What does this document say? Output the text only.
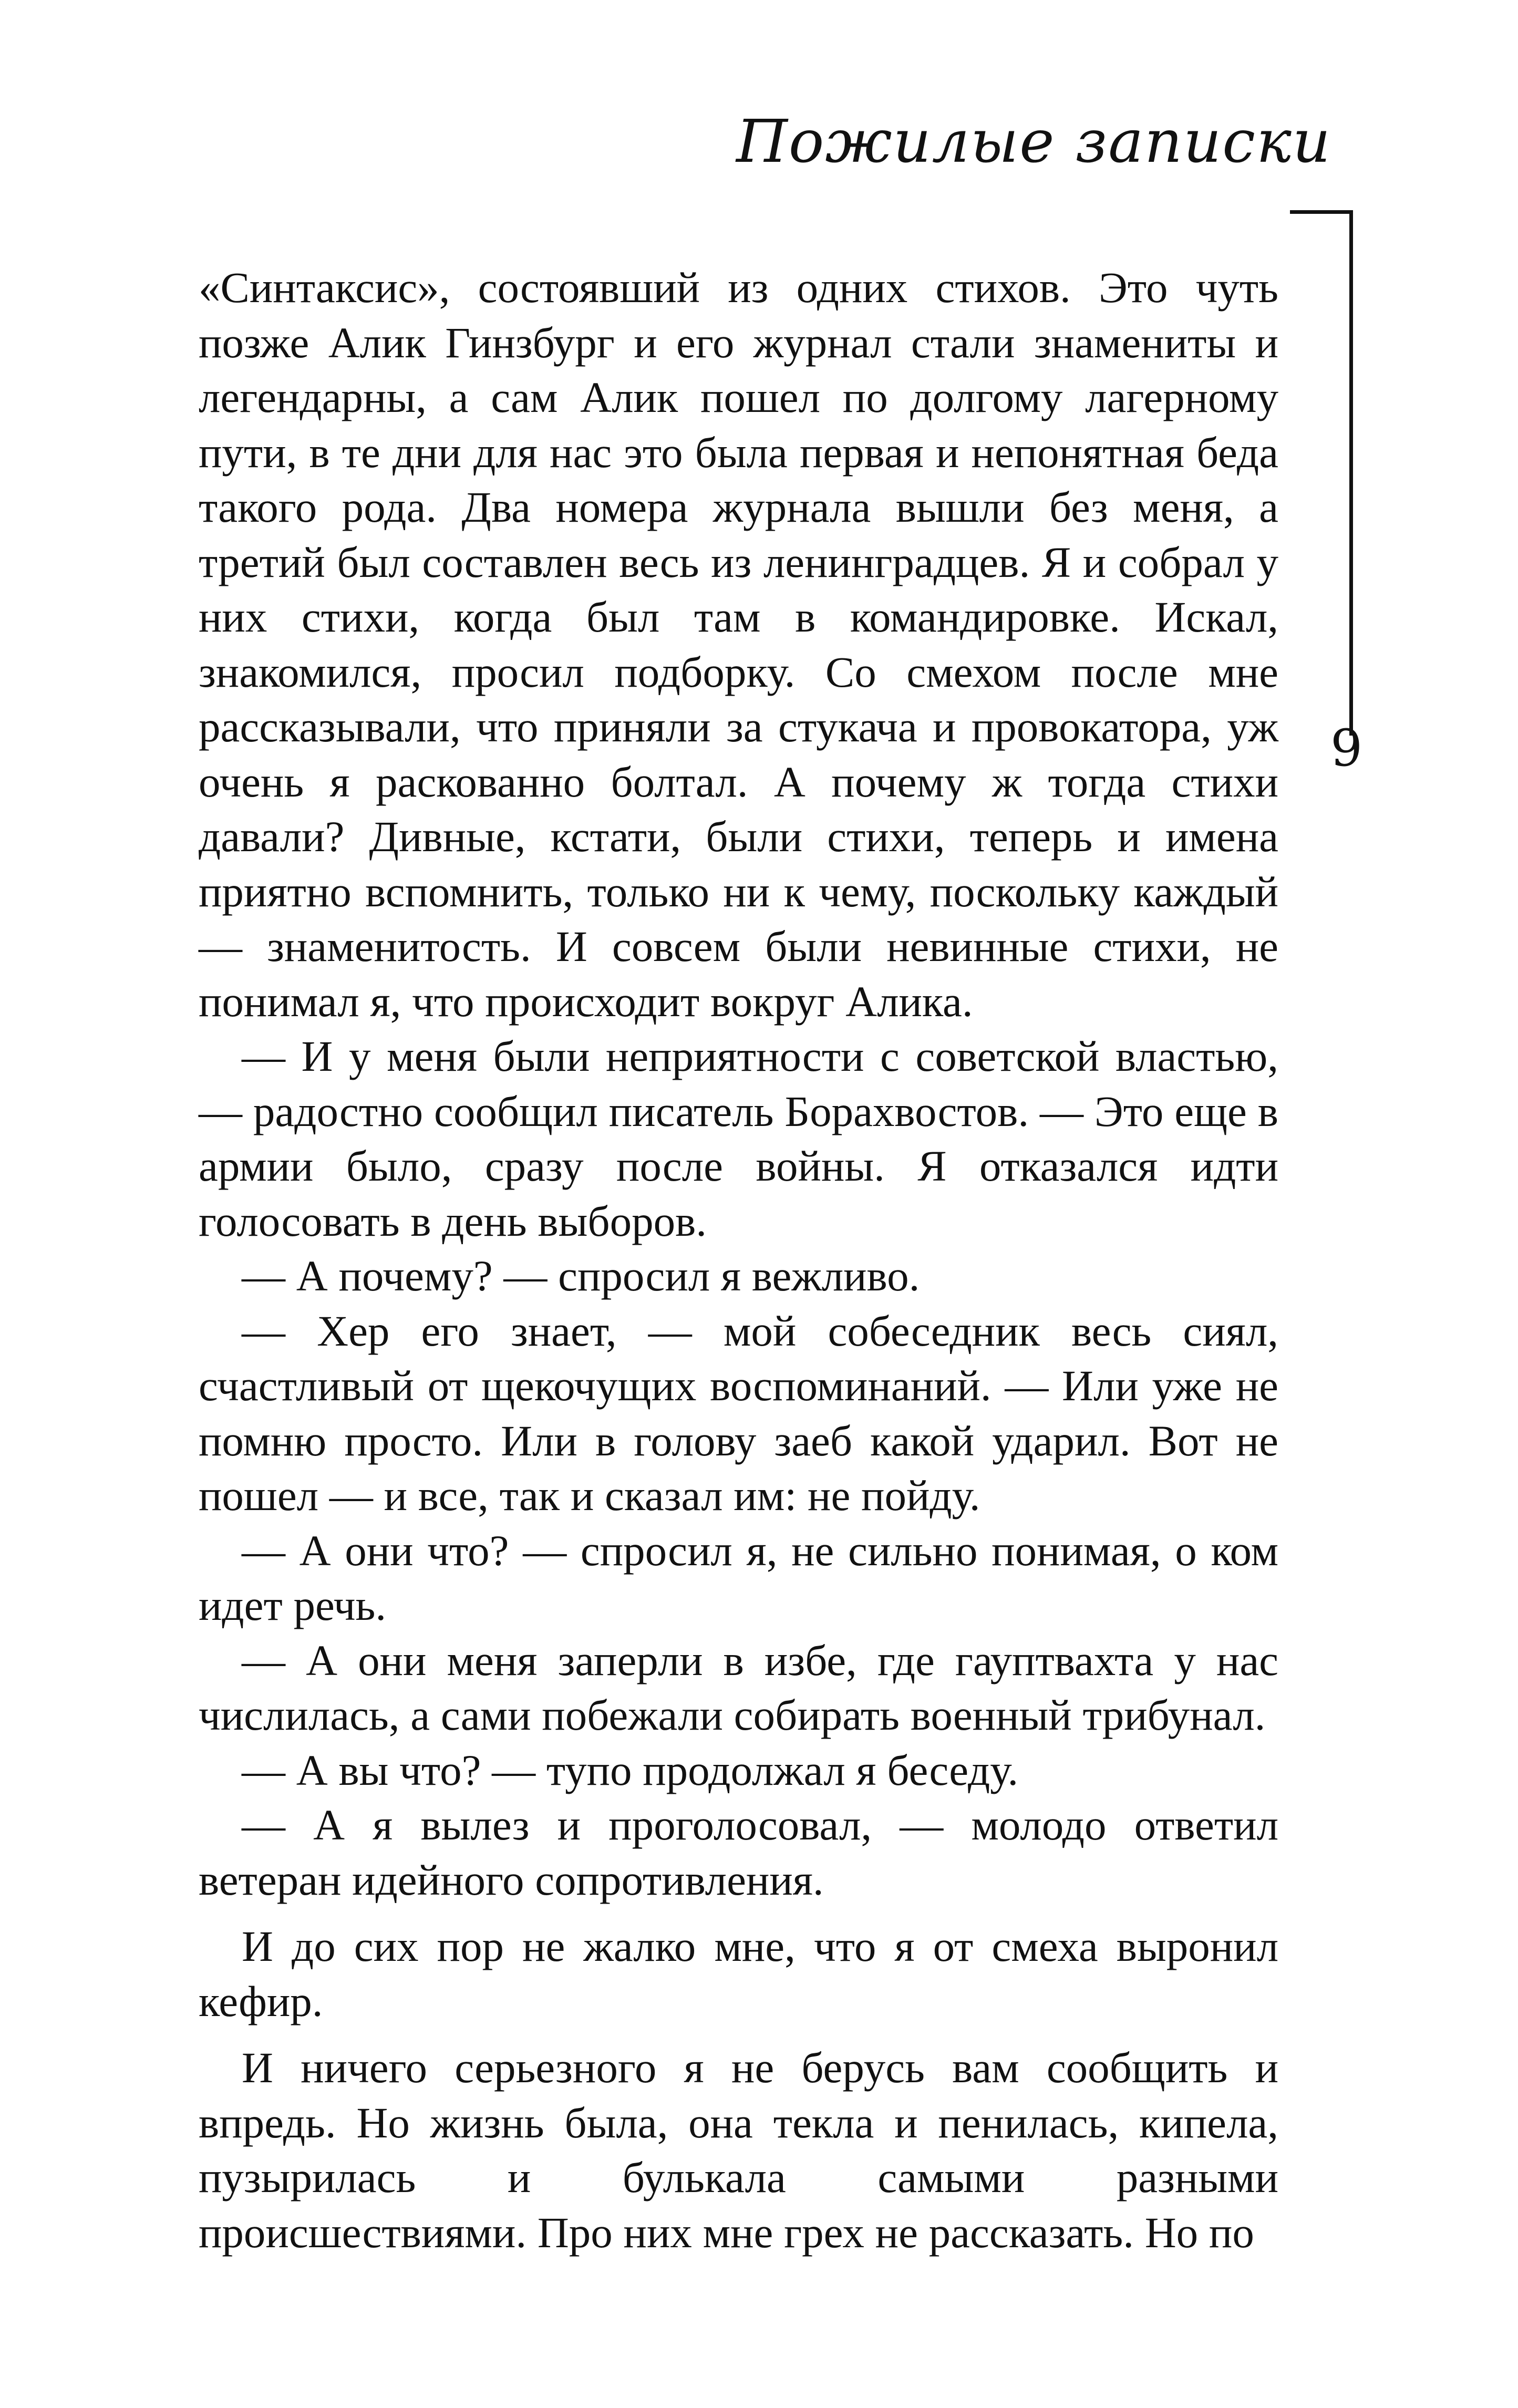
Пожилые записки
9

«Синтаксис», состоявший из одних стихов. Это чуть позже Алик Гинзбург и его журнал стали знамениты и легендарны, а сам Алик пошел по долгому лагерному пути, в те дни для нас это была первая и непонятная беда такого рода. Два номера журнала вышли без меня, а третий был составлен весь из ленинградцев. Я и собрал у них стихи, когда был там в командировке. Искал, знакомился, просил подборку. Со смехом после мне рассказывали, что приняли за стукача и провокатора, уж очень я раскованно болтал. А почему ж тогда стихи давали? Дивные, кстати, были стихи, теперь и имена приятно вспомнить, только ни к чему, поскольку каждый — знаменитость. И совсем были невинные стихи, не понимал я, что происходит вокруг Алика.

— И у меня были неприятности с советской властью, — радостно сообщил писатель Борахвостов. — Это еще в армии было, сразу после войны. Я отказался идти голосовать в день выборов.

— А почему? — спросил я вежливо.

— Хер его знает, — мой собеседник весь сиял, счастливый от щекочущих воспоминаний. — Или уже не помню просто. Или в голову заеб какой ударил. Вот не пошел — и все, так и сказал им: не пойду.

— А они что? — спросил я, не сильно понимая, о ком идет речь.

— А они меня заперли в избе, где гауптвахта у нас числилась, а сами побежали собирать военный трибунал.

— А вы что? — тупо продолжал я беседу.

— А я вылез и проголосовал, — молодо ответил ветеран идейного сопротивления.

И до сих пор не жалко мне, что я от смеха выронил кефир.

И ничего серьезного я не берусь вам сообщить и впредь. Но жизнь была, она текла и пенилась, кипела, пузырилась и булькала самыми разными происшествиями. Про них мне грех не рассказать. Но по
